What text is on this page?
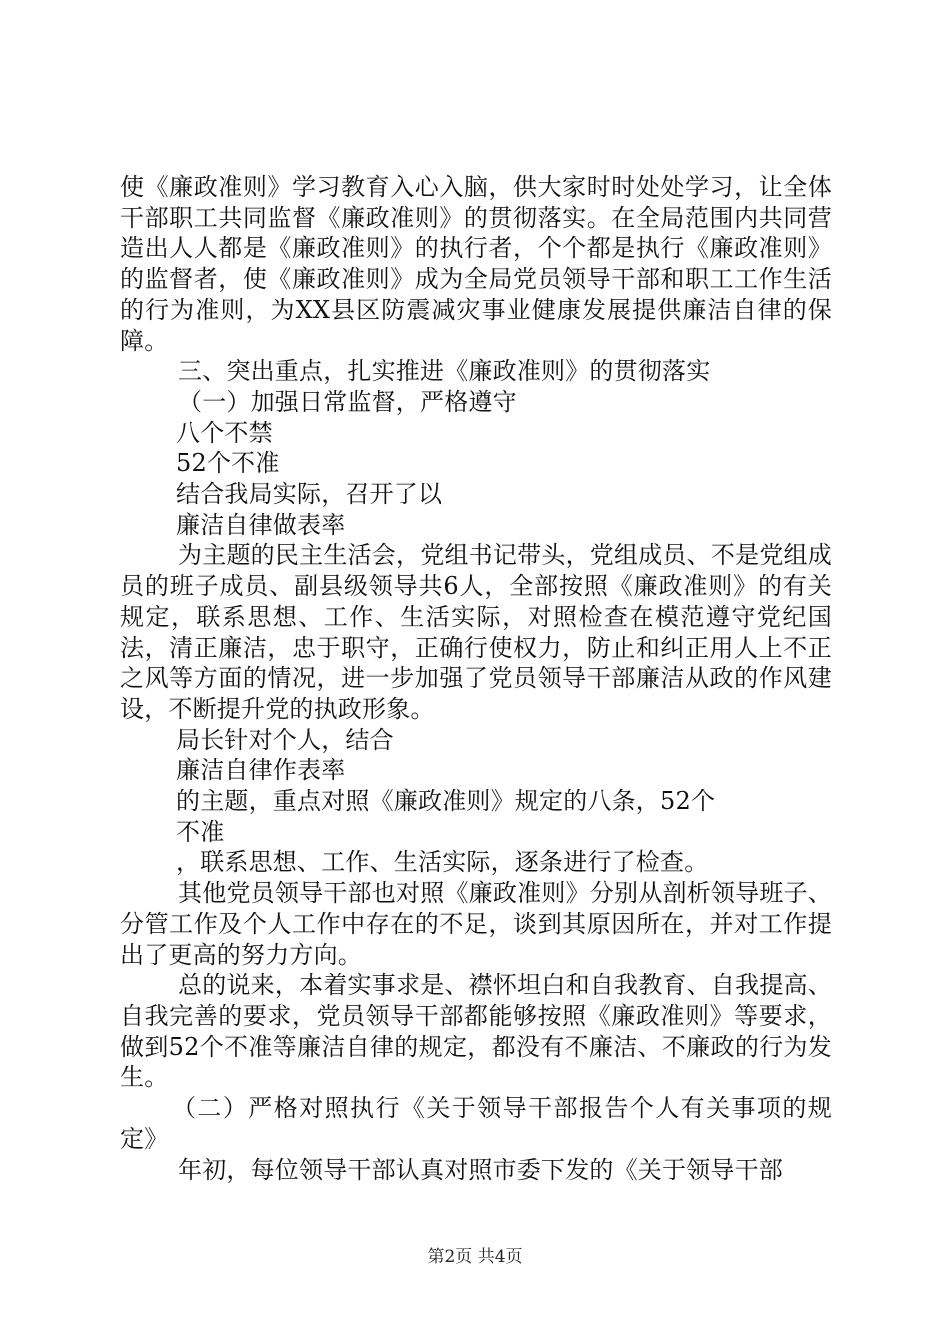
使《廉政准则》学习教育入心入脑，供大家时时处处学习，让全体干部职工共同监督《廉政准则》的贯彻落实。在全局范围内共同营造出人人都是《廉政准则》的执行者，个个都是执行《廉政准则》的监督者，使《廉政准则》成为全局党员领导干部和职工工作生活的行为准则，为XX县区防震减灾事业健康发展提供廉洁自律的保障。

三、突出重点，扎实推进《廉政准则》的贯彻落实

（一）加强日常监督，严格遵守

八个不禁

52个不准

结合我局实际，召开了以

廉洁自律做表率

为主题的民主生活会，党组书记带头，党组成员、不是党组成员的班子成员、副县级领导共6人，全部按照《廉政准则》的有关规定，联系思想、工作、生活实际，对照检查在模范遵守党纪国法，清正廉洁，忠于职守，正确行使权力，防止和纠正用人上不正之风等方面的情况，进一步加强了党员领导干部廉洁从政的作风建设，不断提升党的执政形象。

局长针对个人，结合

廉洁自律作表率

的主题，重点对照《廉政准则》规定的八条，52个

不准

，联系思想、工作、生活实际，逐条进行了检查。

其他党员领导干部也对照《廉政准则》分别从剖析领导班子、分管工作及个人工作中存在的不足，谈到其原因所在，并对工作提出了更高的努力方向。

总的说来，本着实事求是、襟怀坦白和自我教育、自我提高、自我完善的要求，党员领导干部都能够按照《廉政准则》等要求，做到52个不准等廉洁自律的规定，都没有不廉洁、不廉政的行为发生。

（二）严格对照执行《关于领导干部报告个人有关事项的规定》

年初，每位领导干部认真对照市委下发的《关于领导干部

第2页 共4页
